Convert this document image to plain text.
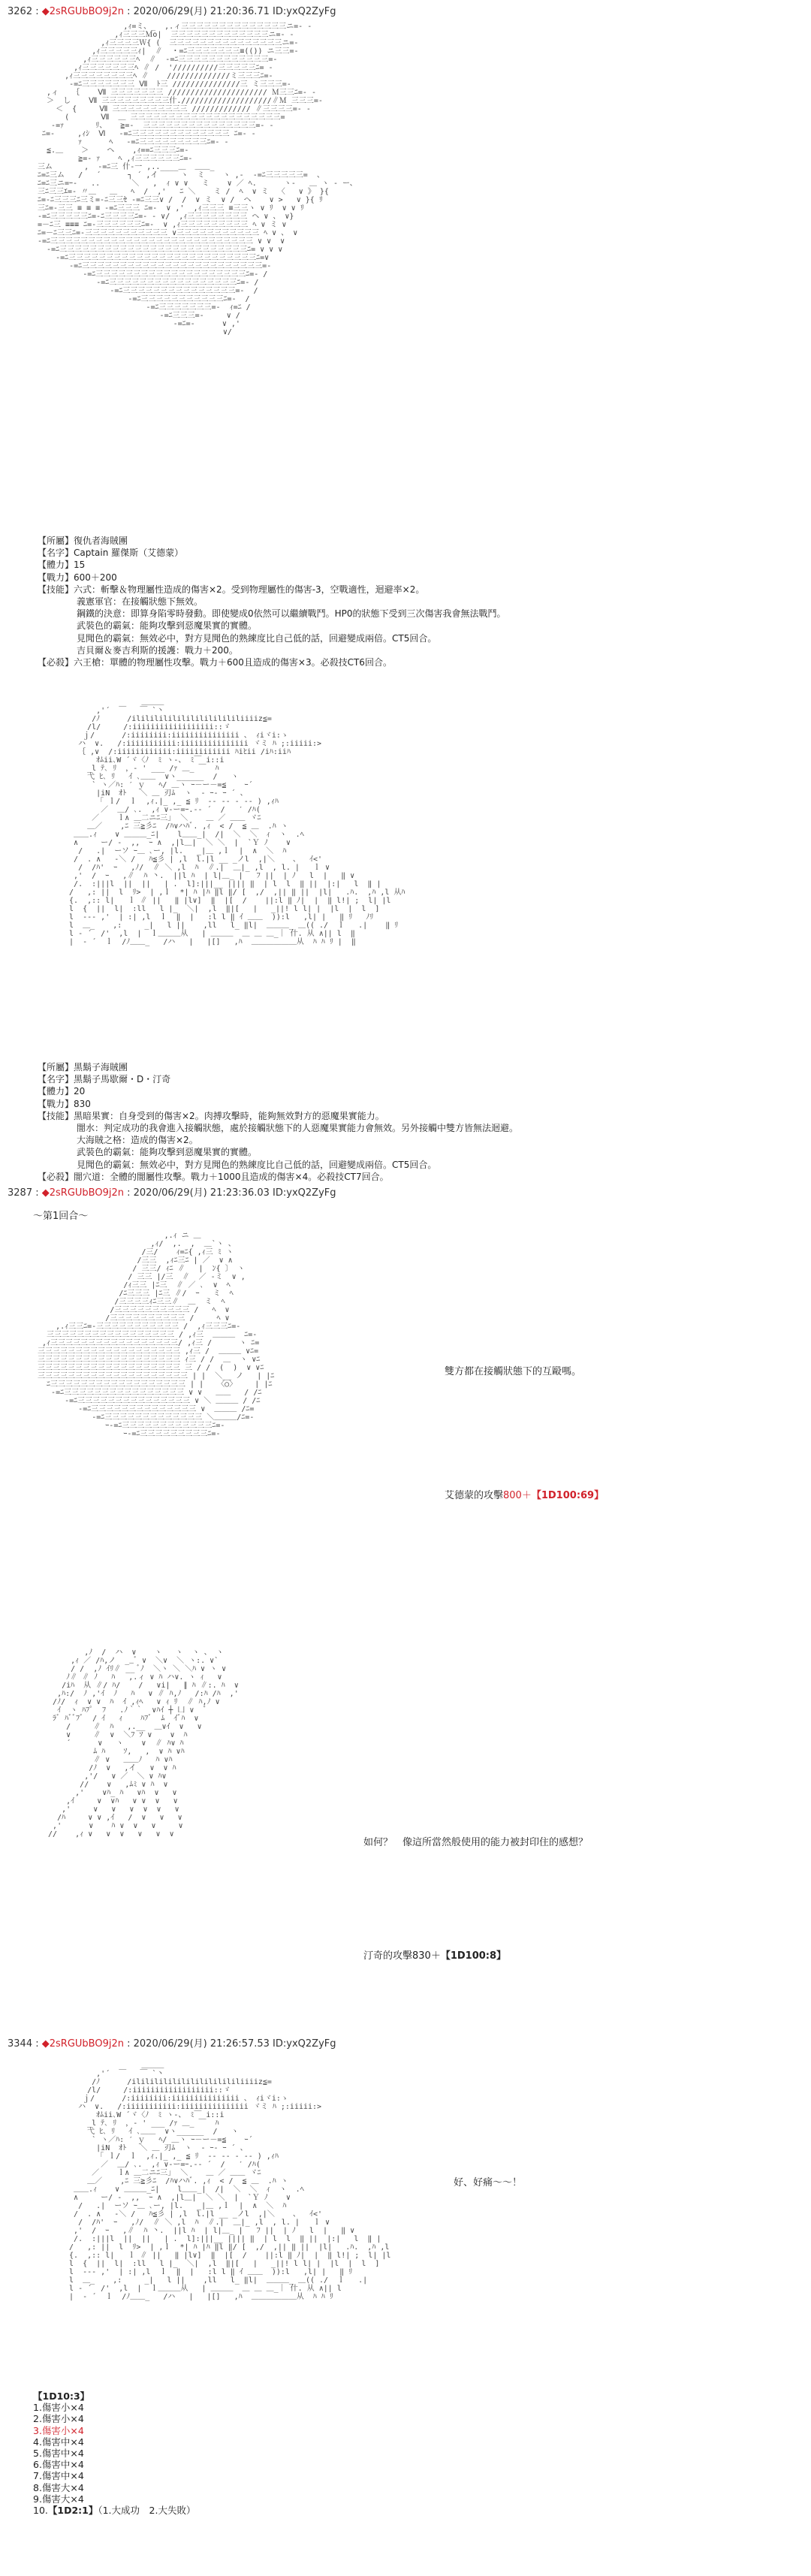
3262 : ◆2sRGUbBO9j2n : 2020/06/29(月) 21:20:36.71 ID:yxQ2ZyFg
,ｨ=ミ、_  ,.ィ三三三三三三三三三三三三三三ニ=- -
,ｨ三三三Ｍo|  三三三三三三三三三三三三三ニ=- -
,ｨ三三三三Ｗ{ (  三三三三三三三三三三三三三三三ニ=-
,ｨ三三三三三ｨ|  ∥  ・=ﾆ三三三三三三三≡(()) ニ三三=-
,ｨ三三三三三三ﾍ  ∥  -=ﾆ三三三三三三三三三三三三=-
,ｨ三三三三三三三ﾍ ∥ /  '//////////三三三三三ﾆ= -
,ｨ三三三三三三三三ﾍ ∥    //////////////ミ三三三ﾆ=-
-=ﾆ三三三三三三三 Ⅶ  ﾄ三 ///////////////三 ミ三三三=-
,ィ   ｛    Ⅶ 三三三三三三三 ////////////////////// Ｍ三三ﾆ=- -
＞  し    Ⅶ 三三三三三三三三三什.////////////////////∥Ｍ 三三三=-
＜  {     Ⅶ 三三三三三三三三三三 ///////////// ∥三三三三=- -
(       Ⅶ  ＿ 三三三三三三三三三三三三三三三三三三三三=
-=ｧ       ﾘ、   ≧=-  三三三三三三三三三三三三三三三=- -
ﾆ=-     ,ｨｼ  Ⅵ   -=ﾆ三三三三三三三三三三三三三 ﾆ=- -
ｧ      ﾍ   -=ﾆ三三三三三三三三三ﾆ=- -
≦.＿    ＞    ヘ    ,ｨ==ﾆ三三三ﾆ=-
≧=- ｧ    ﾍ ,ｨ三三三三三三ﾆ=-
三ム       ,  -=ﾆ三 什-一 ,..____＿  ＿＿_
ﾆ=ﾆ三ム   /   ´      ┐ ´ ,イ     ヽ  ミ    ヽ ,-  -=ﾆ三三三三三=  、
ﾆ=ﾆ三ニ=ｰ-   ..       ＼   ,  ｨ ∨ ∨   ミ    ∨ ／ ﾍ.      ヽ-   ＿ ヽ ‐ ー、
三ﾆ三三ｴ=- 〃＿   ＿   ﾍ  /  ,'   ﾆ ＼    ミ /  ﾍ  ∨ ミ  〈   ∨ 》 }{
ﾆ=-ﾆ三三三ﾆ三ミ=-ﾆ三三ｾ -=ﾆ三三∨ /  /  ∨ ミ  ∨ /  ヘ    ∨ >   ∨ }{ ﾘ
三ﾆ=-三三 ≡ ≡ ≡ -=ﾆ三三三 ﾆ=-  ∨ ,'  ,ｨ三三三 ≡三三ヽ ∨ ﾘ  ∨ ∨ ﾘ
-=ﾆ三三三三三ﾆ=-ﾆ三三三三ﾆ=- ‐ ∨/  ,ｨ三三三三三三三三 ヘ ∨ 、 ∨}
=－ﾆ三 ≡≡≡ ﾆ=-三三三三三三ﾆ=-  ∨ ,ｨ三三三三三三三三三 ﾍ ∨ ミ ∨
ﾆ=－ﾆ三三ﾆ=-三三三三三三三三三三三 ∨三三三三三三三三三三三 ﾍ ∨ 、 ∨
-=ﾆ三三三三三三三三三三三三三三三三三三三三三三三三三三三 ∨ ∨  ∨
-=ﾆ三三三三三三三三三三三三三三三三三三三三三三三三三ﾆ= ∨ ∨ ∨
-=ﾆ三三三三三三三三三三三三三三三三三三三三三三三三三ﾆ=∨
-=ﾆ三三三三三三三三三三三三三三三三三三三三三三三三=-
-=ﾆ三三三三三三三三三三三三三三三三三三三三ﾆ=- /
-=ﾆ三三三三三三三三三三三三三三三三三ﾆ=- /
-=ﾆ三三三三三三三三三三三三三三三=-  /
-=ﾆ三三三三三三三三三三三ﾆ=-  /
-=ﾆ三三三三三三三=-  ｨ=ﾆ /
-=ﾆ三三三=-     ∨ /
-=ﾆ=-      ∨ ,'
∨/

【所屬】復仇者海賊團
【名字】Captain 羅傑斯（艾德蒙）
【體力】15
【戰力】600＋200
【技能】六式：斬擊＆物理屬性造成的傷害×2。受到物理屬性的傷害-3，空戰適性，迴避率×2。
義憲軍官：在接觸狀態下無效。
鋼鐵的決意：即算身陷零時發動。即使變成0依然可以繼續戰鬥。HP0的狀態下受到三次傷害我會無法戰鬥。
武裝色的霸氣：能夠攻擊到惡魔果實的實體。
見聞色的霸氣：無效必中，對方見聞色的熟練度比自己低的話，回避變成兩倍。CT5回合。
吉貝爾＆麥吉利斯的援護：戰力＋200。
【必殺】六王槍：單體的物理屬性攻擊。戰力＋600且造成的傷害×3。必殺技CT6回合。
＿＿＿
,'´  ￣   ￣ `丶
/ﾉ      /ililililililililililililiiiiz≦=
/l/     /:iiiiiiiiiiiiiiiiii::ゞ
ｊ/      /:iiiiiiii:iiiiiiiiiiiiiii 、 ｨiヾi:ゝ
ハ  ∨.   /:iiiiiiiiiii:iiiiiiiiiiiiiii ヾミ ﾊ ;:iiiii:>
｛ ,∨  /:iiiiiiiiiiii:iiiiiiiiiiii ﾊiﾋii /iﾊ:iiﾊ
ｵﾑii､W ´ヾ〈ﾉ  ﾐ ヽ‐、 ﾐ￣ i::i
_l ﾃ､ ﾘ  ，- ' ___ /ｧ ＿_ ￣  ﾊ
弋 ﾋ､ ﾘ   ｲ ､＿＿  ∨ヽ______  /   ヽ
` ヽ／ﾊ: ′ ｙ   ﾍ/ ＿ヽ ｰ－ー－=≦    ｰ´
|iN  ｵﾄ   ＼ ＿ 刃ﾑ  ヽ  ‐ ｰ‐ ｰ ´ 、
「 ｌ/  ｌ  ,ｨ.|_ ,_ ≦ ﾘ  ‐- ‐- ‐ ‐- ) ,ｨﾊ
／  ＿/ ､.  ,ｨ ∨‐ー=ｰ.-‐ ´  /   ′ /ﾊ(
／    ｌ∧ ＿二ニﾆ三｣  ＼    ＿ ／ ＿＿ ヾﾆ
＿／    ,ﾆ 三≧彡ﾆ  /ﾊ∨ハﾊﾞ. ,ｨ  < /  ≦ ＿  .ﾊ ヽ
＿＿.ｨ    ∨ ＿＿＿_ﾆ|    l＿＿_|  /|  ＼  ＼  ｨ  ヽ  .ﾍ
∧     ー/ ‐  ,,  ｰ ∧  ,|l＿|  ＼ ＼  |  `Ｙ ﾉ    ∨
/   .|  ーソ ｰ＿ ､ー, |l.   _|＿ ,ｌ  |  ∧  ＼  ﾊ
/  . ∧   ‐＼ /   ﾊ≦彡 | ,l  l.|l __ _ノl  ,|＼    、  ｲ<'
/  /ﾊ'  ｰ   ,ﾉ/  ∥ ＼ ,l  ﾊ  ∥.|  ＿|_ ,l  , l. |   ｌ ∨
,'  /  ｰ   ,∥  ﾊ 丶.  ||l ﾊ  | l|＿_ |   ﾌ ||  | ﾉ   l  |   ‖ ∨
/.  :|||l  ||  ||   | .  l]:|||__ |||| ‖  | l  l  ‖ ||  |:|   l  ‖ |
/   ,: ||  l  ﾘ>  | ,ｌ  *| ﾊ |ﾊ ‖l ‖/ [  ,/  ,|| ‖ ||  |l|   .ﾊ.  ,ﾊ ,l 从ﾊ
{.  ,:: l|   ｌ ∥ ||   ‖ |l∨]  ‖  |[  /    ||:l ‖ ﾉ|  |  ‖ l!| ;  l| |l
l  {  ||  l|  :ll   l |_  ＼|  ,l  ‖|[   |   _||! l l| |  |l  |  l  ]
l  ‐‐‐ ,'  | :| ,l  ｌ  ‖  |   :l l ‖ ｲ ＿＿  )):l   ,l| |   ‖ ﾘ   ﾉﾘ
l  ＿_    ,:     _|   l ||    ,ll   l_ ‖l|  ＿＿＿_ ＿(( ./  ｌ   .|    ‖ ﾘ
l ‐ ´  /'  ,l  |  ｌ＿＿＿从   | ＿＿＿  ＿ ＿ ＿_｜ 什. 从 ∧|| l  ‖
|  ‐ ´  ｌ  /ﾉ＿＿_   /ハ   |   |[]   ,ﾊ  ＿＿＿＿＿＿从  ﾊ ﾊ ﾘ |  ‖

【所屬】黑鬍子海賊團
【名字】黑鬍子馬歇爾・D・汀奇
【體力】20
【戰力】830
【技能】黑暗果實：自身受到的傷害×2。肉搏攻擊時，能夠無效對方的惡魔果實能力。
闇水：判定成功的我會進入接觸狀態，處於接觸狀態下的人惡魔果實能力會無效。另外接觸中雙方皆無法迴避。
大海賊之格：造成的傷害×2。
武裝色的霸氣：能夠攻擊到惡魔果實的實體。
見聞色的霸氣：無效必中，對方見聞色的熟練度比自己低的話，回避變成兩倍。CT5回合。
【必殺】闇穴道：全體的闇屬性攻擊。戰力＋1000且造成的傷害×4。必殺技CT7回合。
3287 : ◆2sRGUbBO9j2n : 2020/06/29(月) 21:23:36.03 ID:yxQ2ZyFg
～第1回合～
,.ｨ ニ ＿
,ｨ/  ,.  ,  ＿`ヽ 、
/三/    ｨ=ﾆ{ ,ｨ三 ﾐ ヽ
/三三  ,ｨﾆ三ﾆ | ／  ∨ ∧
/ 三三/ ｨﾆ ∥   |  ﾝ{ 〕 ヽ
/ 三三 |/三  ∥  ／ ‐ミ  ∨ ,
/ｨ三三 |ﾆ三  ∥ ／ ､  ∨  ﾍ
/ﾆ三三三 |ﾆ三 ∥/  ｰ   ミ  ﾍ
/三三三三ｨﾆ三三∥  ＿  ミ  ﾍ
/三三三三三三三三三三 /   ﾍ  ∨
/三三三三三三三三三三 /     ﾍ ∨
,.ｨ三三ﾆ=-三三三三三三三三三三三 /  ,ｨ三三三ﾆ=-
三三三三三三三三三三三三三三三三三 / ,ｨ三  ＿＿＿  ﾆ=-
,ｨ三三三三三三三三三三三三三三三三三/ ,ｨ三 /      ヽ ﾆ=
三三三三三三三三三三三三三三三三三三三 ,ｨ三 /  ＿＿＿ ∨ﾆ=
三三三三三三三三三三三三三三三三三三三 ｨ三 / /  ＿  ヽ ∨ﾆ
三三三三三三三三三三三三三三三三三三三 三 / /  (  )  ∨ ∨ﾆ
三三三三三三三三三三三三三三三三三三三三 | |  ＼__ ノ   | |ﾆ
ﾆ三三三三三三三三三三三三三三三三三三 | |   〈○〉    | |ﾆ
-=ﾆ三三三三三三三三三三三三三三三三 ∨ ∨   ＿＿   / /ﾆ
-=ﾆ三三三三三三三三三三三三三三三 ∨ ＼ ＿＿＿ / /ﾆ
-=ﾆ三三三三三三三三三三三三三三 ∨  ＿＿＿ /ﾆ=
-=ﾆ三三三三三三三三三三三三三 ＼＿＿＿/ﾆ=-
ｰ-=ﾆ三三三三三三三三三三三三ﾆ=-
ｰ-=ﾆ三三三三三三三三三ﾆ=-

雙方都在接觸狀態下的互毆嗎。
艾德蒙的攻擊800＋【1D100:69】
,ﾉ  /  ハ  ∨    ヽ   ヽ  ヽ 、 ヽ
,ｨ ／ /ﾊ,ノ  __ﾞ ∨  ＼∨  ＼ ヽ:. ∨`
/ /  ,ﾉ ｲﾘ∥ __ ﾞﾉ  ＼ヽ ＼ ＼ﾊ ∨ ヽ ∨
ﾉ∥ ∥ ﾉ   ﾊ   ,.ィ ∨ ﾊ ハ∨. ヽ ｨ   ∨
/iﾊ  从 ∥/ ﾊ/    /   ∨i|   ∥ ﾊ ∥:. ﾊ  ∨
,ﾊ:/  ﾉ ,'ｲ  ﾉ   ﾊ   ∨ ∥ ﾊ,ﾉ   /:ﾊ /ﾊ  ,'
/ﾉ/  ｨ  ∨ ∨  ﾊ  ｲ ,ｨﾍ   ∨ ｨ ﾘ  ∥ ﾊ,ﾉ ∨
ｲ  ヽ ﾊﾌﾟ  ﾌ   .ﾉ｀｀  ∨ﾊｲ ┼ 凵 ∨  ﾞ
ﾗﾞ ﾊﾞﾞﾌﾞ  / ｲ   ｨ    ﾊﾌﾞ  ﾑ  ｲﾞﾊ  ∨
/     ∥  ﾊ   ,.__  ＿∨ｲ  ∨   ∨
∨     ∥  ∨  ＼ﾌ ｿ ∨    ∨  ﾊ
´      ∨   ヽ    ∨  ∥ ﾊ∨ ﾊ
ﾑ ﾊ    ｿ,   ,  ∨ ﾊ ∨ﾊ
∥ ∨   ＿＿ﾉ   ﾊ ∨ﾊ
/ﾉ  ∨   ,イ   ∨  ∨ ﾊ
,'/   ∨ ／  ＼ ∨ ﾊ∨
//    ∨   ,ﾑﾐ ∨ ﾊ  ∨
,'    ∨ﾊ_ ﾊ   ∨ﾊ  ∨   ∨
,ｲ     ∨  ∨ﾊ   ∨ ∨  ∨   ∨
,'     ∨   ∨   ∨  ∨  ∨   ∨
/ﾊ     ∨ ∨ ,ｲ   /  ∨   ∨   ∨
,'      ∨    ﾊ ∨  ∨   ∨     ∨
//    ,ｨ ∨   ∨  ∨   ∨   ∨  ∨

如何？　像這所當然般使用的能力被封印住的感想？
汀奇的攻擊830＋【1D100:8】
3344 : ◆2sRGUbBO9j2n : 2020/06/29(月) 21:26:57.53 ID:yxQ2ZyFg
＿＿＿
,'´  ￣   ￣ `丶
/ﾉ      /ililililililililililililiiiiz≦=
/l/     /:iiiiiiiiiiiiiiiiii::ゞ
ｊ/      /:iiiiiiii:iiiiiiiiiiiiiii 、 ｨiヾi:ゝ
ハ  ∨.   /:iiiiiiiiiii:iiiiiiiiiiiiiii ヾミ ﾊ ;:iiiii:>
ｵﾑii､W ´ヾ〈ﾉ  ﾐ ヽ‐、 ﾐ￣ i::i
_l ﾃ､ ﾘ  ，- ' ___ /ｧ ＿_ ￣  ﾊ
弋 ﾋ､ ﾘ   ｲ ､＿＿  ∨ヽ______  /   ヽ
` ヽ／ﾊ: ′ ｙ   ﾍ/ ＿ヽ ｰ－ー－=≦    ｰ´
|iN  ｵﾄ   ＼ ＿ 刃ﾑ  ヽ  ‐ ｰ‐ ｰ ´ 、
「 ｌ/  ｌ  ,ｨ.|_ ,_ ≦ ﾘ  ‐- ‐- ‐ ‐- ) ,ｨﾊ
／  ＿/ ､.  ,ｨ ∨‐ー=ｰ.-‐ ´  /   ′ /ﾊ(
／    ｌ∧ ＿二ニﾆ三｣  ＼    ＿ ／ ＿＿ ヾﾆ
＿／    ,ﾆ 三≧彡ﾆ  /ﾊ∨ハﾊﾞ. ,ｨ  < /  ≦ ＿  .ﾊ ヽ
＿＿.ｨ    ∨ ＿＿＿_ﾆ|    l＿＿_|  /|  ＼  ＼  ｨ  ヽ  .ﾍ
∧     ー/ ‐  ,,  ｰ ∧  ,|l＿|  ＼ ＼  |  `Ｙ ﾉ    ∨
/   .|  ーソ ｰ＿ ､ー, |l.   _|＿ ,ｌ  |  ∧  ＼  ﾊ
/  . ∧   ‐＼ /   ﾊ≦彡 | ,l  l.|l __ _ノl  ,|＼    、  ｲ<'
/  /ﾊ'  ｰ   ,ﾉ/  ∥ ＼ ,l  ﾊ  ∥.|  ＿|_ ,l  , l. |   ｌ ∨
,'  /  ｰ   ,∥  ﾊ 丶.  ||l ﾊ  | l|＿_ |   ﾌ ||  | ﾉ   l  |   ‖ ∨
/.  :|||l  ||  ||   | .  l]:|||__ |||| ‖  | l  l  ‖ ||  |:|   l  ‖ |
/   ,: ||  l  ﾘ>  | ,ｌ  *| ﾊ |ﾊ ‖l ‖/ [  ,/  ,|| ‖ ||  |l|   .ﾊ.  ,ﾊ ,l
{.  ,:: l|   ｌ ∥ ||   ‖ |l∨]  ‖  |[  /    ||:l ‖ ﾉ|  |  ‖ l!| ;  l| |l
l  {  ||  l|  :ll   l |_  ＼|  ,l  ‖|[   |   _||! l l| |  |l  |  l  ]
l  ‐‐‐ ,'  | :| ,l  ｌ  ‖  |   :l l ‖ ｲ ＿＿  )):l   ,l| |   ‖ ﾘ
l  ＿_    ,:     _|   l ||    ,ll   l_ ‖l|  ＿＿＿_ ＿(( ./  ｌ   .|
l ‐ ´  /'  ,l  |  ｌ＿＿＿从   | ＿＿＿  ＿ ＿ ＿_｜ 什. 从 ∧|| l
|  ‐ ´  ｌ  /ﾉ＿＿_   /ハ   |   |[]   ,ﾊ  ＿＿＿＿＿＿从  ﾊ ﾊ ﾘ

好、好痛～～！
【1D10:3】
1.傷害小×4
2.傷害小×4
3.傷害小×4
4.傷害中×4
5.傷害中×4
6.傷害中×4
7.傷害中×4
8.傷害大×4
9.傷害大×4
10.【1D2:1】（1.大成功　2.大失敗）
